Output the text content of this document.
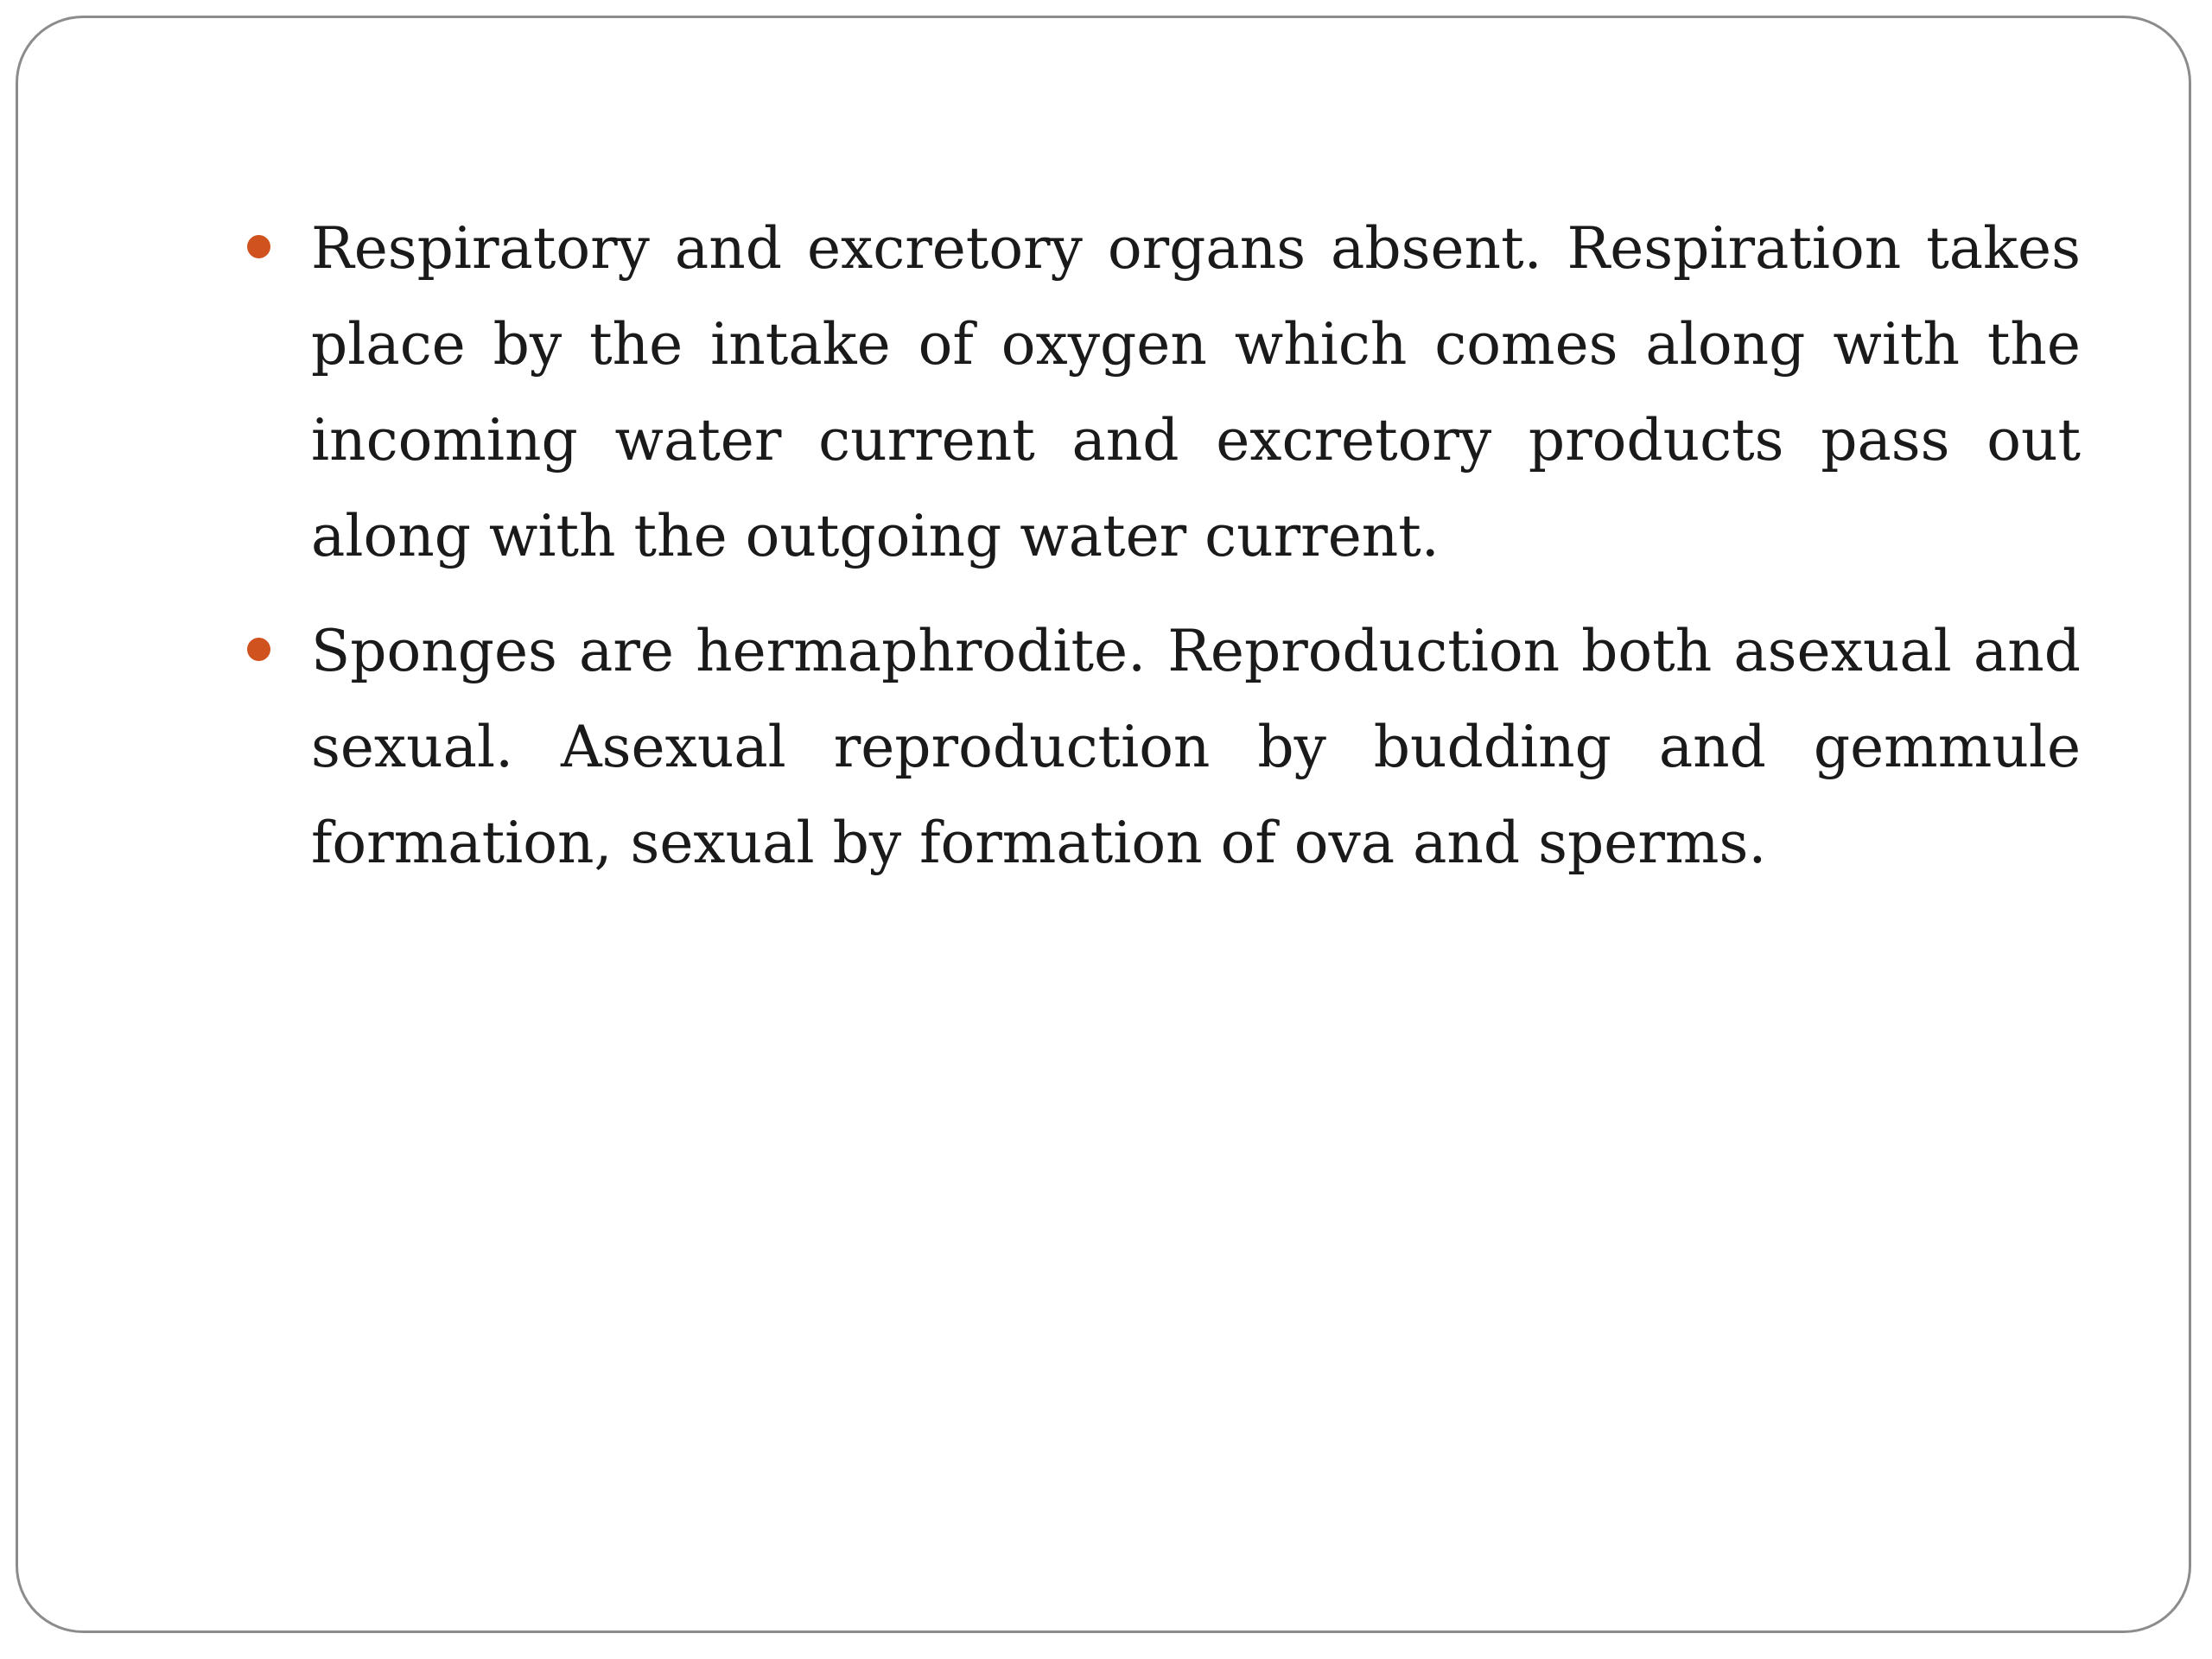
Respiratory and excretory organs absent. Respiration takes place by the intake of oxygen which comes along with the incoming water current and excretory products pass out along with the outgoing water current.
Sponges are hermaphrodite. Reproduction both asexual and sexual. Asexual reproduction by budding and gemmule formation, sexual by formation of ova and sperms.
